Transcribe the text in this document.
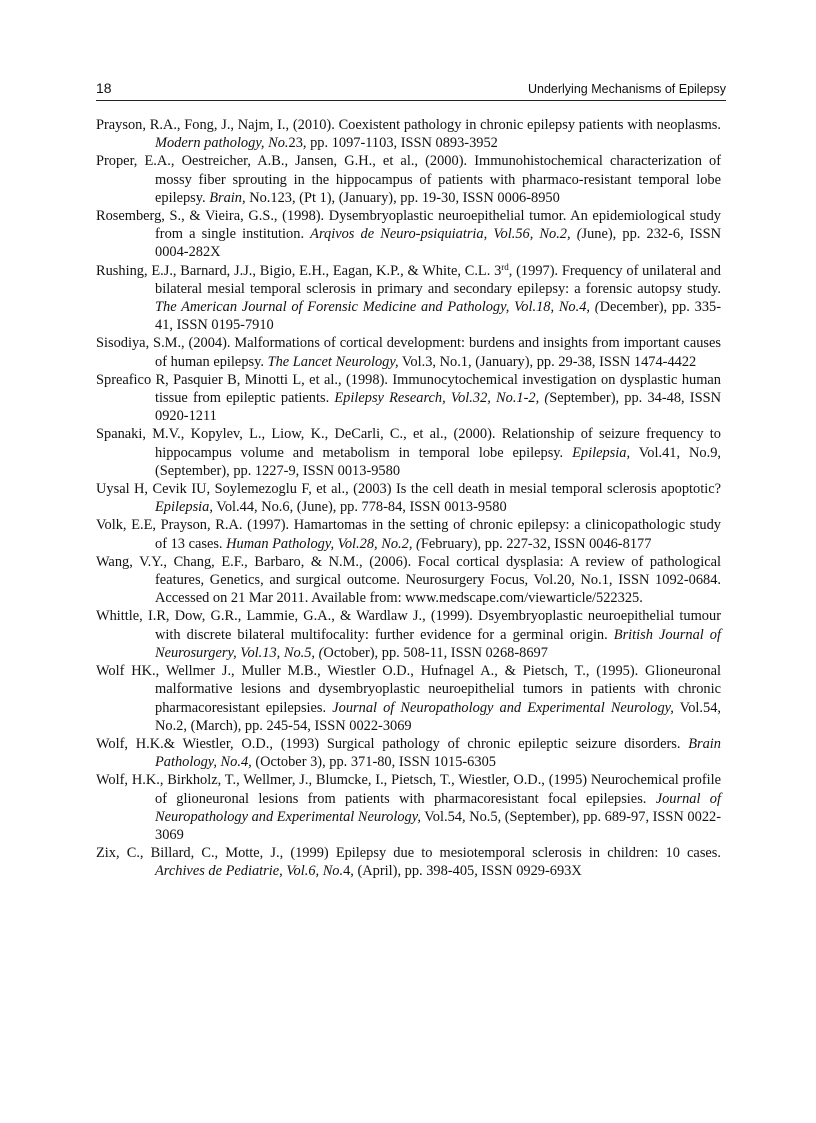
18	Underlying Mechanisms of Epilepsy

Prayson, R.A., Fong, J., Najm, I., (2010). Coexistent pathology in chronic epilepsy patients with neoplasms. Modern pathology, No.23, pp. 1097-1103, ISSN 0893-3952

Proper, E.A., Oestreicher, A.B., Jansen, G.H., et al., (2000). Immunohistochemical characterization of mossy fiber sprouting in the hippocampus of patients with pharmaco-resistant temporal lobe epilepsy. Brain, No.123, (Pt 1), (January), pp. 19-30, ISSN 0006-8950

Rosemberg, S., & Vieira, G.S., (1998). Dysembryoplastic neuroepithelial tumor. An epidemiological study from a single institution. Arqivos de Neuro-psiquiatria, Vol.56, No.2, (June), pp. 232-6, ISSN 0004-282X

Rushing, E.J., Barnard, J.J., Bigio, E.H., Eagan, K.P., & White, C.L. 3rd, (1997). Frequency of unilateral and bilateral mesial temporal sclerosis in primary and secondary epilepsy: a forensic autopsy study. The American Journal of Forensic Medicine and Pathology, Vol.18, No.4, (December), pp. 335-41, ISSN 0195-7910

Sisodiya, S.M., (2004). Malformations of cortical development: burdens and insights from important causes of human epilepsy. The Lancet Neurology, Vol.3, No.1, (January), pp. 29-38, ISSN 1474-4422

Spreafico R, Pasquier B, Minotti L, et al., (1998). Immunocytochemical investigation on dysplastic human tissue from epileptic patients. Epilepsy Research, Vol.32, No.1-2, (September), pp. 34-48, ISSN 0920-1211

Spanaki, M.V., Kopylev, L., Liow, K., DeCarli, C., et al., (2000). Relationship of seizure frequency to hippocampus volume and metabolism in temporal lobe epilepsy. Epilepsia, Vol.41, No.9, (September), pp. 1227-9, ISSN 0013-9580

Uysal H, Cevik IU, Soylemezoglu F, et al., (2003) Is the cell death in mesial temporal sclerosis apoptotic? Epilepsia, Vol.44, No.6, (June), pp. 778-84, ISSN 0013-9580

Volk, E.E, Prayson, R.A. (1997). Hamartomas in the setting of chronic epilepsy: a clinicopathologic study of 13 cases. Human Pathology, Vol.28, No.2, (February), pp. 227-32, ISSN 0046-8177

Wang, V.Y., Chang, E.F., Barbaro, & N.M., (2006). Focal cortical dysplasia: A review of pathological features, Genetics, and surgical outcome. Neurosurgery Focus, Vol.20, No.1, ISSN 1092-0684. Accessed on 21 Mar 2011. Available from: www.medscape.com/viewarticle/522325.

Whittle, I.R, Dow, G.R., Lammie, G.A., & Wardlaw J., (1999). Dsyembryoplastic neuroepithelial tumour with discrete bilateral multifocality: further evidence for a germinal origin. British Journal of Neurosurgery, Vol.13, No.5, (October), pp. 508-11, ISSN 0268-8697

Wolf HK., Wellmer J., Muller M.B., Wiestler O.D., Hufnagel A., & Pietsch, T., (1995). Glioneuronal malformative lesions and dysembryoplastic neuroepithelial tumors in patients with chronic pharmacoresistant epilepsies. Journal of Neuropathology and Experimental Neurology, Vol.54, No.2, (March), pp. 245-54, ISSN 0022-3069

Wolf, H.K.& Wiestler, O.D., (1993) Surgical pathology of chronic epileptic seizure disorders. Brain Pathology, No.4, (October 3), pp. 371-80, ISSN 1015-6305

Wolf, H.K., Birkholz, T., Wellmer, J., Blumcke, I., Pietsch, T., Wiestler, O.D., (1995) Neurochemical profile of glioneuronal lesions from patients with pharmacoresistant focal epilepsies. Journal of Neuropathology and Experimental Neurology, Vol.54, No.5, (September), pp. 689-97, ISSN 0022-3069

Zix, C., Billard, C., Motte, J., (1999) Epilepsy due to mesiotemporal sclerosis in children: 10 cases. Archives de Pediatrie, Vol.6, No.4, (April), pp. 398-405, ISSN 0929-693X
